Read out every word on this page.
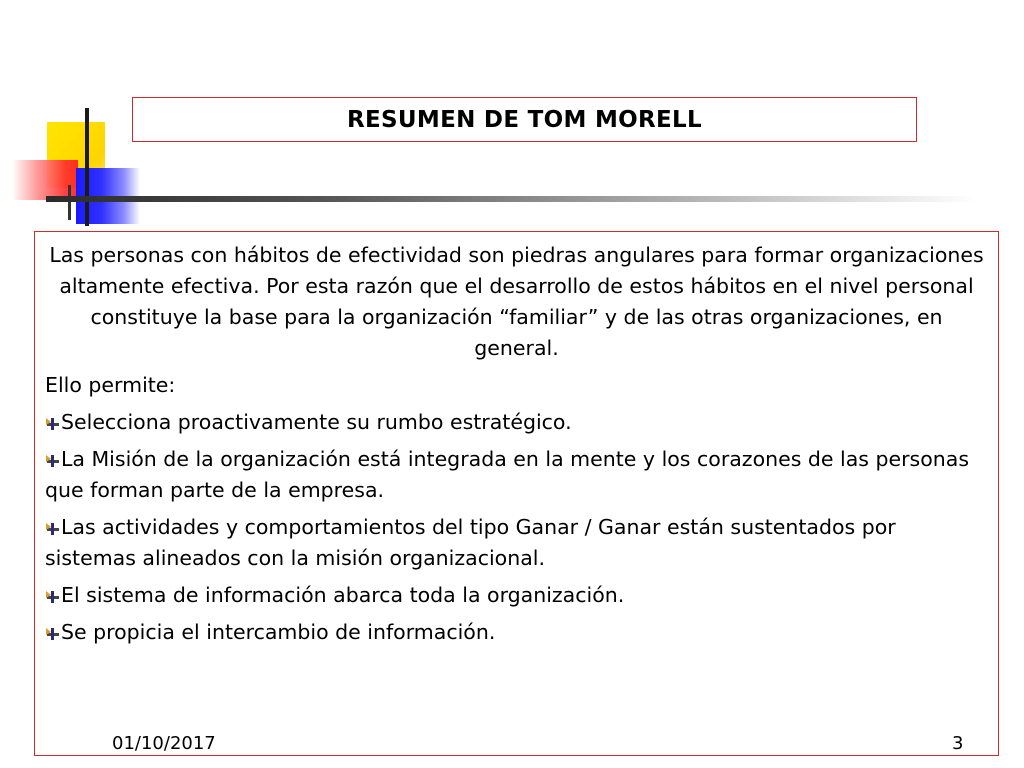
RESUMEN DE TOM MORELL

Las personas con hábitos de efectividad son piedras angulares para formar organizaciones altamente efectiva. Por esta razón que el desarrollo de estos hábitos en el nivel personal constituye la base para la organización “familiar” y de las otras organizaciones, en general.

Ello permite:

Selecciona proactivamente su rumbo estratégico.

La Misión de la organización está integrada en la mente y los corazones de las personas que forman parte de la empresa.

Las actividades y comportamientos del tipo Ganar / Ganar están sustentados por sistemas alineados con la misión organizacional.

El sistema de información abarca toda la organización.

Se propicia el intercambio de información.

01/10/2017	3
